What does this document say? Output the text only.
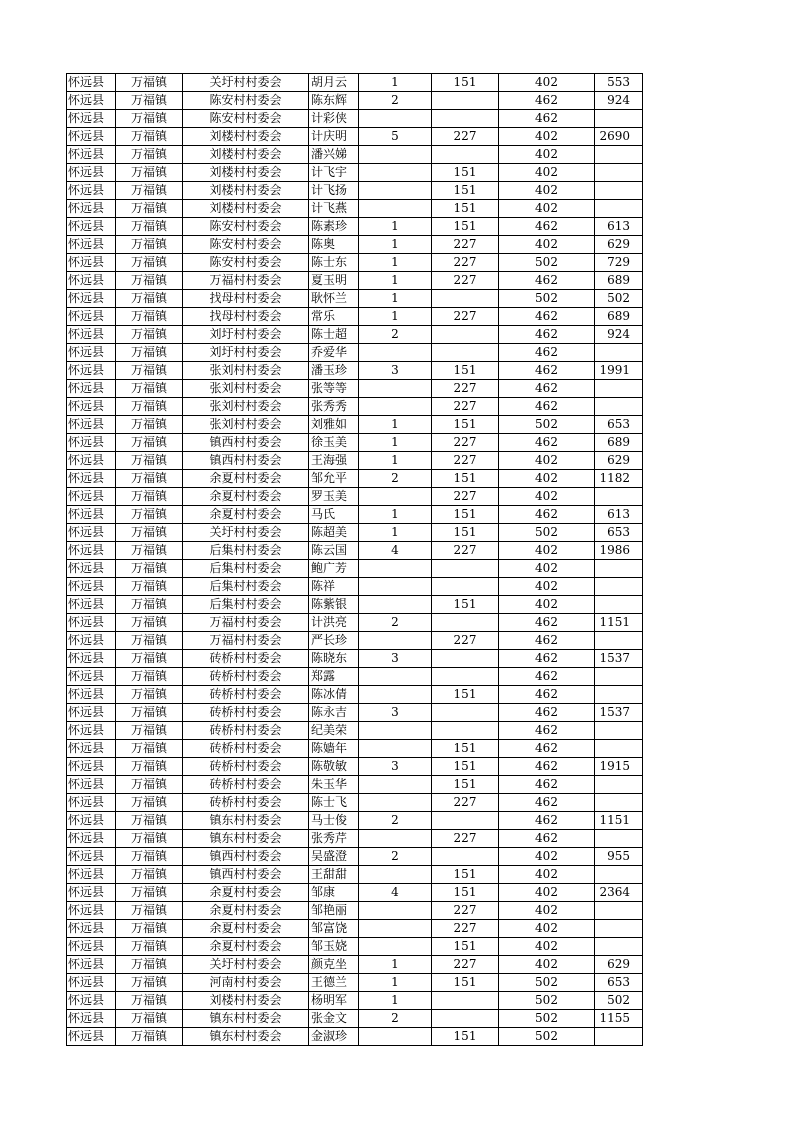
怀远县	万福镇	关圩村村委会	胡月云	1	151	402	553
怀远县	万福镇	陈安村村委会	陈东辉	2		462	924
怀远县	万福镇	陈安村村委会	计彩侠			462	
怀远县	万福镇	刘楼村村委会	计庆明	5	227	402	2690
怀远县	万福镇	刘楼村村委会	潘兴娣			402	
怀远县	万福镇	刘楼村村委会	计飞宇		151	402	
怀远县	万福镇	刘楼村村委会	计飞扬		151	402	
怀远县	万福镇	刘楼村村委会	计飞燕		151	402	
怀远县	万福镇	陈安村村委会	陈素珍	1	151	462	613
怀远县	万福镇	陈安村村委会	陈奥	1	227	402	629
怀远县	万福镇	陈安村村委会	陈士东	1	227	502	729
怀远县	万福镇	万福村村委会	夏玉明	1	227	462	689
怀远县	万福镇	找母村村委会	耿怀兰	1		502	502
怀远县	万福镇	找母村村委会	常乐	1	227	462	689
怀远县	万福镇	刘圩村村委会	陈士超	2		462	924
怀远县	万福镇	刘圩村村委会	乔爱华			462	
怀远县	万福镇	张刘村村委会	潘玉珍	3	151	462	1991
怀远县	万福镇	张刘村村委会	张等等		227	462	
怀远县	万福镇	张刘村村委会	张秀秀		227	462	
怀远县	万福镇	张刘村村委会	刘雅如	1	151	502	653
怀远县	万福镇	镇西村村委会	徐玉美	1	227	462	689
怀远县	万福镇	镇西村村委会	王海强	1	227	402	629
怀远县	万福镇	余夏村村委会	邹允平	2	151	402	1182
怀远县	万福镇	余夏村村委会	罗玉美		227	402	
怀远县	万福镇	余夏村村委会	马氏	1	151	462	613
怀远县	万福镇	关圩村村委会	陈超美	1	151	502	653
怀远县	万福镇	后集村村委会	陈云国	4	227	402	1986
怀远县	万福镇	后集村村委会	鲍广芳			402	
怀远县	万福镇	后集村村委会	陈祥			402	
怀远县	万福镇	后集村村委会	陈紫银		151	402	
怀远县	万福镇	万福村村委会	计洪亮	2		462	1151
怀远县	万福镇	万福村村委会	严长珍		227	462	
怀远县	万福镇	砖桥村村委会	陈晓东	3		462	1537
怀远县	万福镇	砖桥村村委会	郑露			462	
怀远县	万福镇	砖桥村村委会	陈冰倩		151	462	
怀远县	万福镇	砖桥村村委会	陈永吉	3		462	1537
怀远县	万福镇	砖桥村村委会	纪美荣			462	
怀远县	万福镇	砖桥村村委会	陈嫱年		151	462	
怀远县	万福镇	砖桥村村委会	陈敬敏	3	151	462	1915
怀远县	万福镇	砖桥村村委会	朱玉华		151	462	
怀远县	万福镇	砖桥村村委会	陈士飞		227	462	
怀远县	万福镇	镇东村村委会	马士俊	2		462	1151
怀远县	万福镇	镇东村村委会	张秀芹		227	462	
怀远县	万福镇	镇西村村委会	吴盛澄	2		402	955
怀远县	万福镇	镇西村村委会	王甜甜		151	402	
怀远县	万福镇	余夏村村委会	邹康	4	151	402	2364
怀远县	万福镇	余夏村村委会	邹艳丽		227	402	
怀远县	万福镇	余夏村村委会	邹富饶		227	402	
怀远县	万福镇	余夏村村委会	邹玉娆		151	402	
怀远县	万福镇	关圩村村委会	颜克坐	1	227	402	629
怀远县	万福镇	河南村村委会	王德兰	1	151	502	653
怀远县	万福镇	刘楼村村委会	杨明军	1		502	502
怀远县	万福镇	镇东村村委会	张金文	2		502	1155
怀远县	万福镇	镇东村村委会	金淑珍		151	502	
